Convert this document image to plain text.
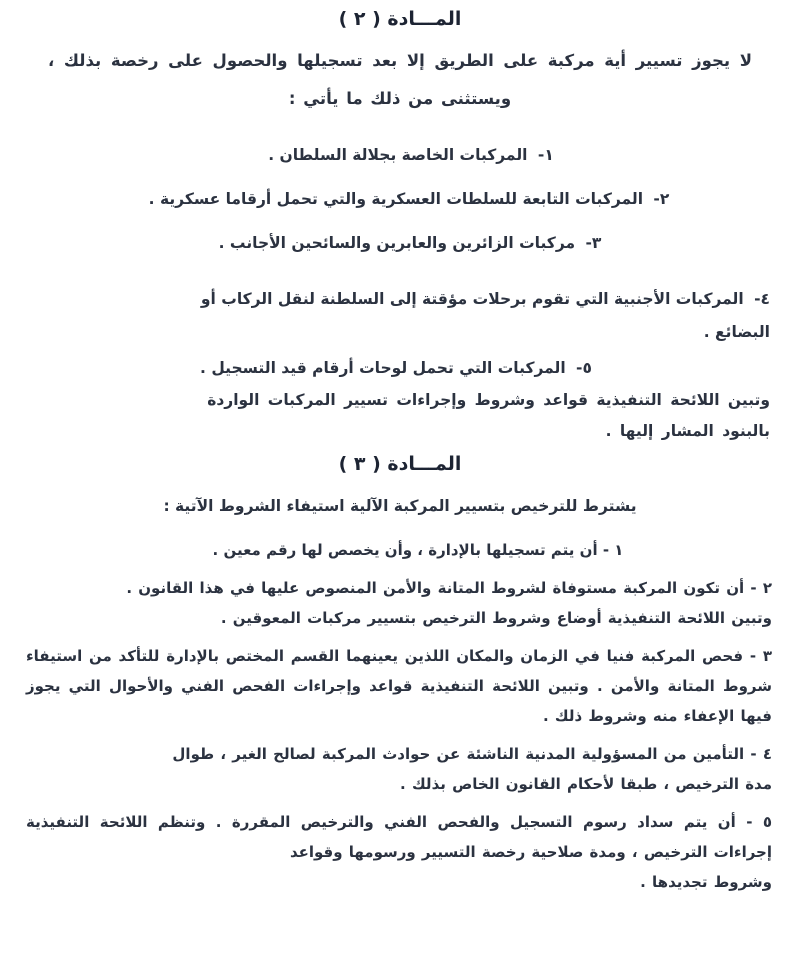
المـــادة ( ٢ )
لا يجوز تسيير أية مركبة على الطريق إلا بعد تسجيلها والحصول على رخصة بذلك ، ويستثنى من ذلك ما يأتي :
١- المركبات الخاصة بجلالة السلطان .
٢- المركبات التابعة للسلطات العسكرية والتي تحمل أرقاما عسكرية .
٣- مركبات الزائرين والعابرين والسائحين الأجانب .
٤- المركبات الأجنبية التي تقوم برحلات مؤقتة إلى السلطنة لنقل الركاب أو
البضائع .
٥- المركبات التي تحمل لوحات أرقام قيد التسجيل .
وتبين اللائحة التنفيذية قواعد وشروط وإجراءات تسيير المركبات الواردة
بالبنود المشار إليها .
المـــادة ( ٣ )
يشترط للترخيص بتسيير المركبة الآلية استيفاء الشروط الآتية :
١ - أن يتم تسجيلها بالإدارة ، وأن يخصص لها رقم معين .
٢ - أن تكون المركبة مستوفاة لشروط المتانة والأمن المنصوص عليها في هذا القانون .
وتبين اللائحة التنفيذية أوضاع وشروط الترخيص بتسيير مركبات المعوقين .
٣ - فحص المركبة فنيا في الزمان والمكان اللذين يعينهما القسم المختص بالإدارة للتأكد من استيفاء شروط المتانة والأمن . وتبين اللائحة التنفيذية قواعد وإجراءات الفحص الفني والأحوال التي يجوز فيها الإعفاء منه وشروط ذلك .
٤ - التأمين من المسؤولية المدنية الناشئة عن حوادث المركبة لصالح الغير ، طوال
مدة الترخيص ، طبقا لأحكام القانون الخاص بذلك .
٥ - أن يتم سداد رسوم التسجيل والفحص الفني والترخيص المقررة . وتنظم اللائحة التنفيذية إجراءات الترخيص ، ومدة صلاحية رخصة التسيير ورسومها وقواعد
وشروط تجديدها .
